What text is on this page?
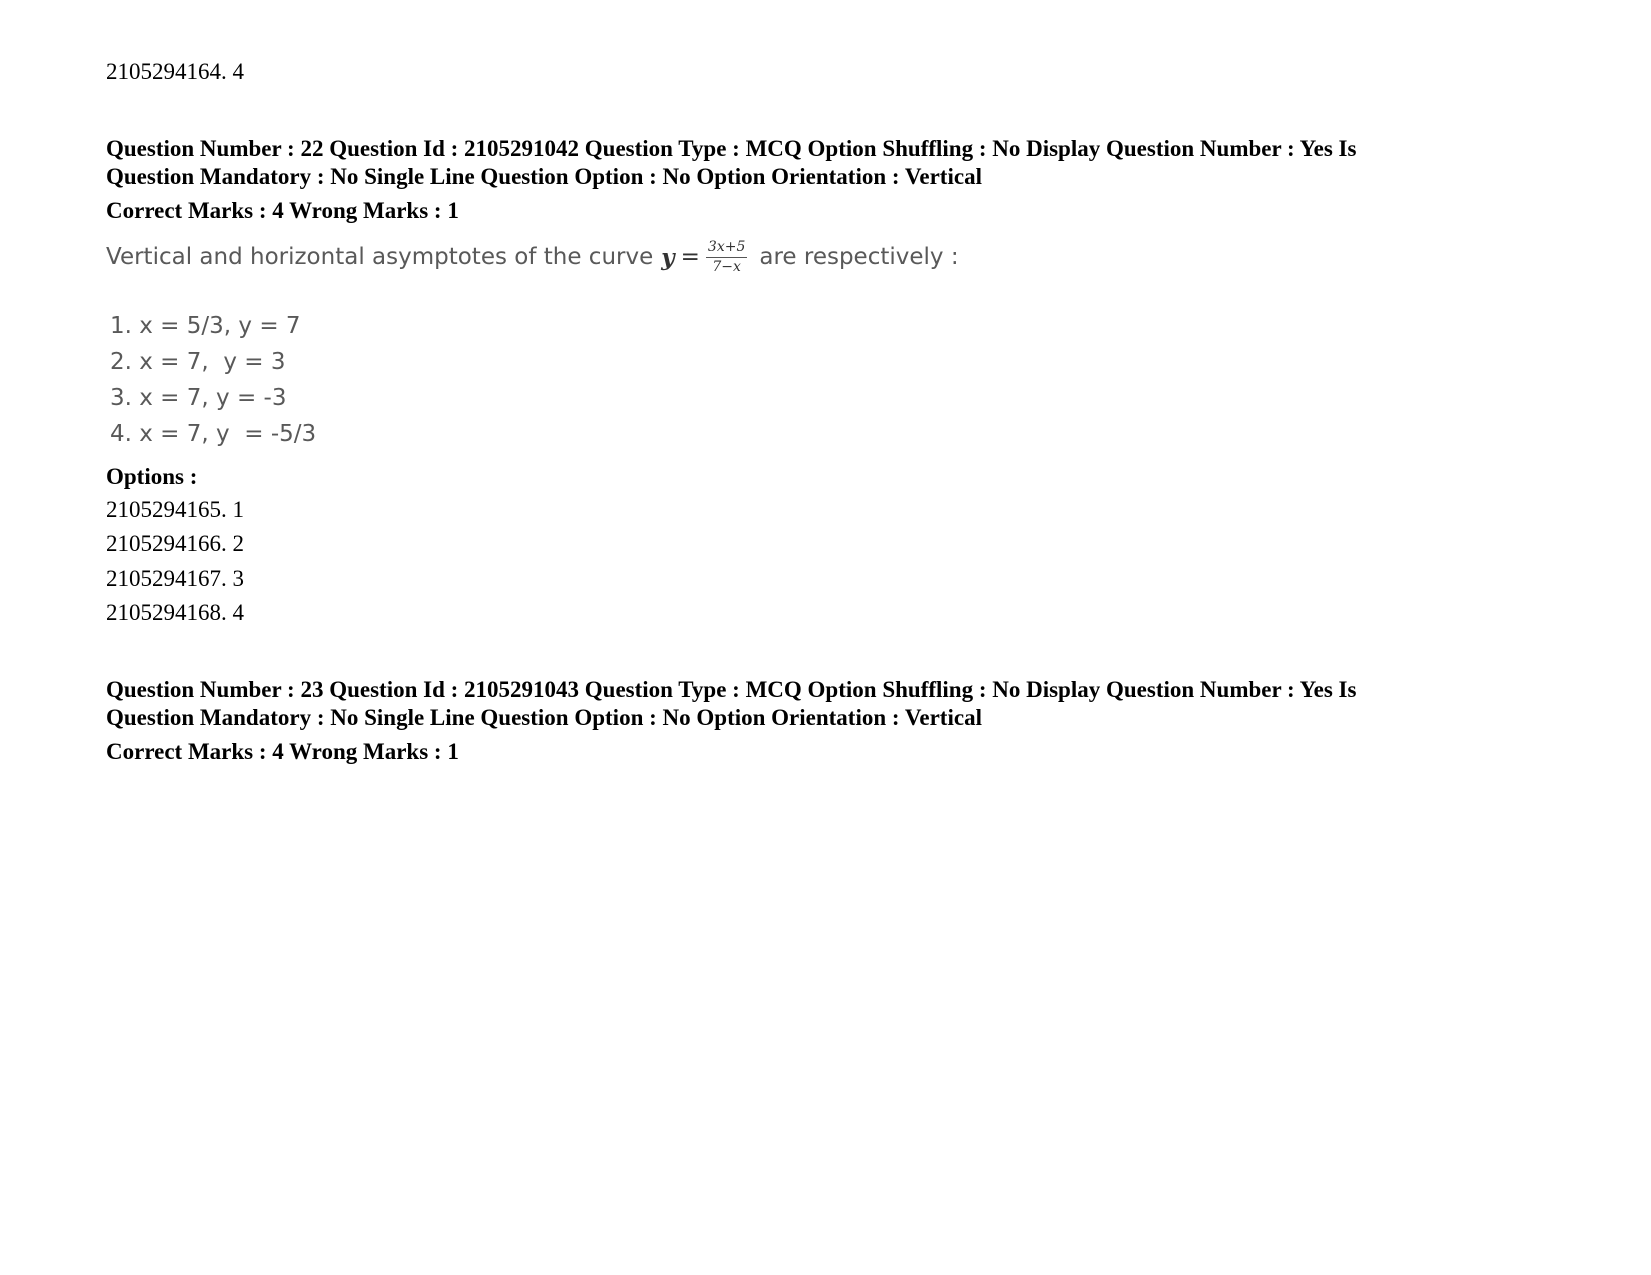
2105294164. 4

Question Number : 22 Question Id : 2105291042 Question Type : MCQ Option Shuffling : No Display Question Number : Yes Is
Question Mandatory : No Single Line Question Option : No Option Orientation : Vertical

Correct Marks : 4 Wrong Marks : 1

Vertical and horizontal asymptotes of the curve $y = \frac{3x+5}{7-x}$ are respectively :
1. x = 5/3, y = 7
2. x = 7,  y = 3
3. x = 7, y = -3
4. x = 7, y  = -5/3

Options :

2105294165. 1
2105294166. 2
2105294167. 3
2105294168. 4
Question Number : 23 Question Id : 2105291043 Question Type : MCQ Option Shuffling : No Display Question Number : Yes Is
Question Mandatory : No Single Line Question Option : No Option Orientation : Vertical

Correct Marks : 4 Wrong Marks : 1
